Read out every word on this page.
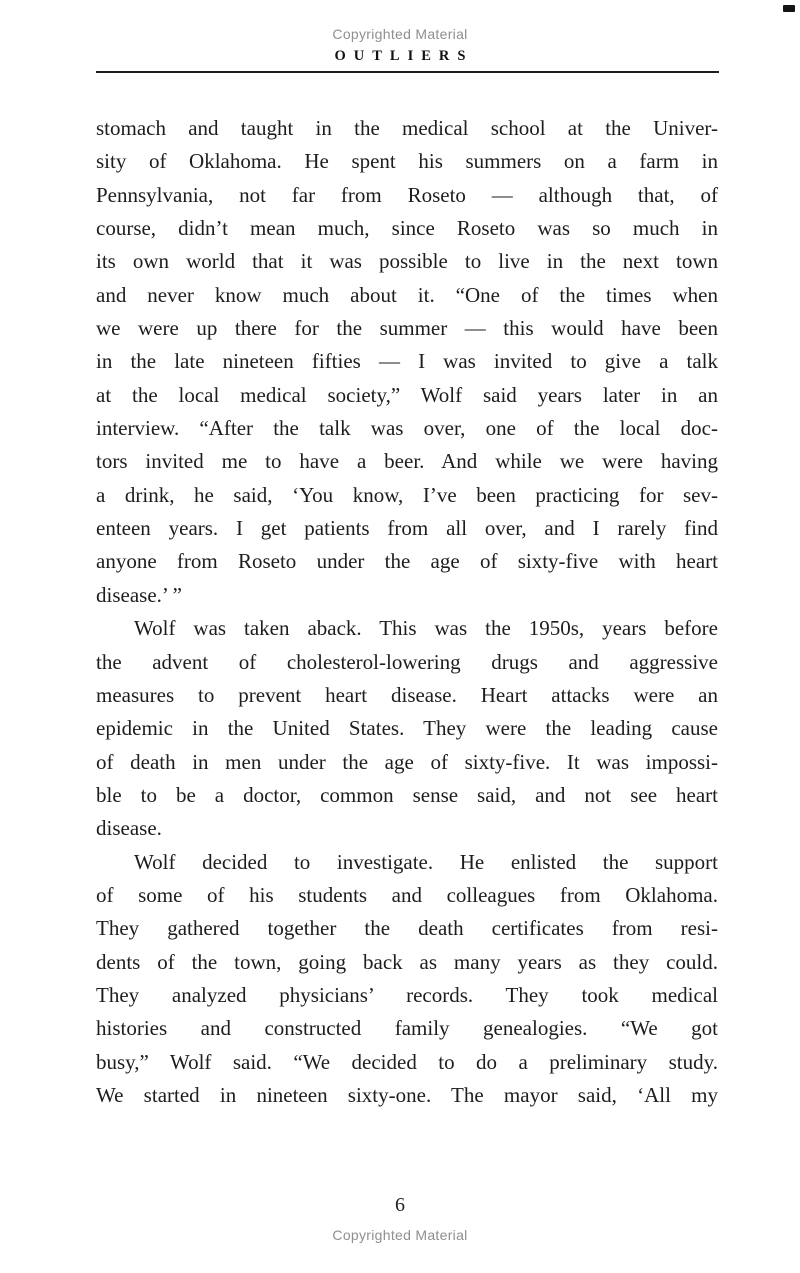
Copyrighted Material
OUTLIERS
stomach and taught in the medical school at the Univer-
sity of Oklahoma. He spent his summers on a farm in
Pennsylvania, not far from Roseto — although that, of
course, didn’t mean much, since Roseto was so much in
its own world that it was possible to live in the next town
and never know much about it. “One of the times when
we were up there for the summer — this would have been
in the late nineteen fifties — I was invited to give a talk
at the local medical society,” Wolf said years later in an
interview. “After the talk was over, one of the local doc-
tors invited me to have a beer. And while we were having
a drink, he said, ‘You know, I’ve been practicing for sev-
enteen years. I get patients from all over, and I rarely find
anyone from Roseto under the age of sixty-five with heart
disease.’ ”
Wolf was taken aback. This was the 1950s, years before
the advent of cholesterol-lowering drugs and aggressive
measures to prevent heart disease. Heart attacks were an
epidemic in the United States. They were the leading cause
of death in men under the age of sixty-five. It was impossi-
ble to be a doctor, common sense said, and not see heart
disease.
Wolf decided to investigate. He enlisted the support
of some of his students and colleagues from Oklahoma.
They gathered together the death certificates from resi-
dents of the town, going back as many years as they could.
They analyzed physicians’ records. They took medical
histories and constructed family genealogies. “We got
busy,” Wolf said. “We decided to do a preliminary study.
We started in nineteen sixty-one. The mayor said, ‘All my
6
Copyrighted Material
